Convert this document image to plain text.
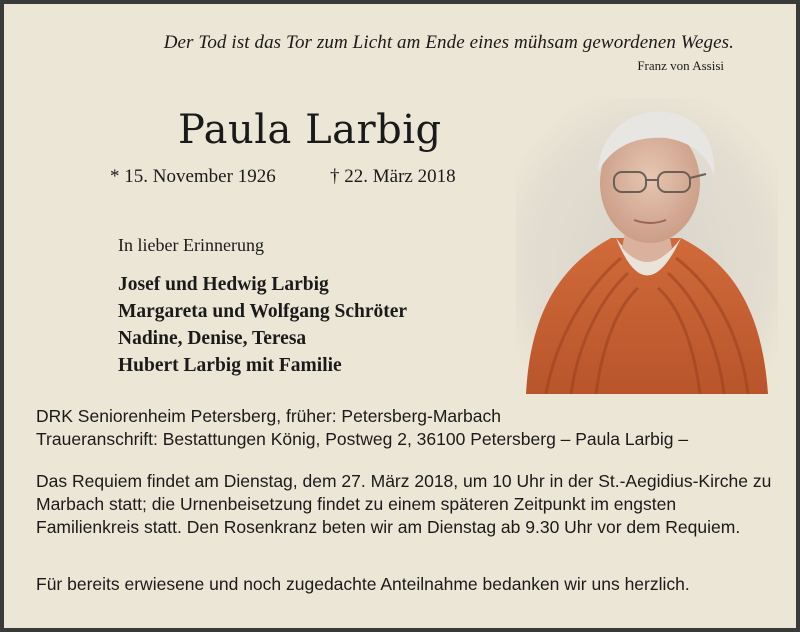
Der Tod ist das Tor zum Licht am Ende eines mühsam gewordenen Weges.
Franz von Assisi
Paula Larbig
* 15. November 1926	† 22. März 2018
In lieber Erinnerung
Josef und Hedwig Larbig
Margareta und Wolfgang Schröter
Nadine, Denise, Teresa
Hubert Larbig mit Familie
DRK Seniorenheim Petersberg, früher: Petersberg-Marbach
Traueranschrift: Bestattungen König, Postweg 2, 36100 Petersberg – Paula Larbig –
Das Requiem findet am Dienstag, dem 27. März 2018, um 10 Uhr in der St.-Aegidius-Kirche zu Marbach statt; die Urnenbeisetzung findet zu einem späteren Zeitpunkt im engsten Familienkreis statt. Den Rosenkranz beten wir am Dienstag ab 9.30 Uhr vor dem Requiem.
Für bereits erwiesene und noch zugedachte Anteilnahme bedanken wir uns herzlich.
